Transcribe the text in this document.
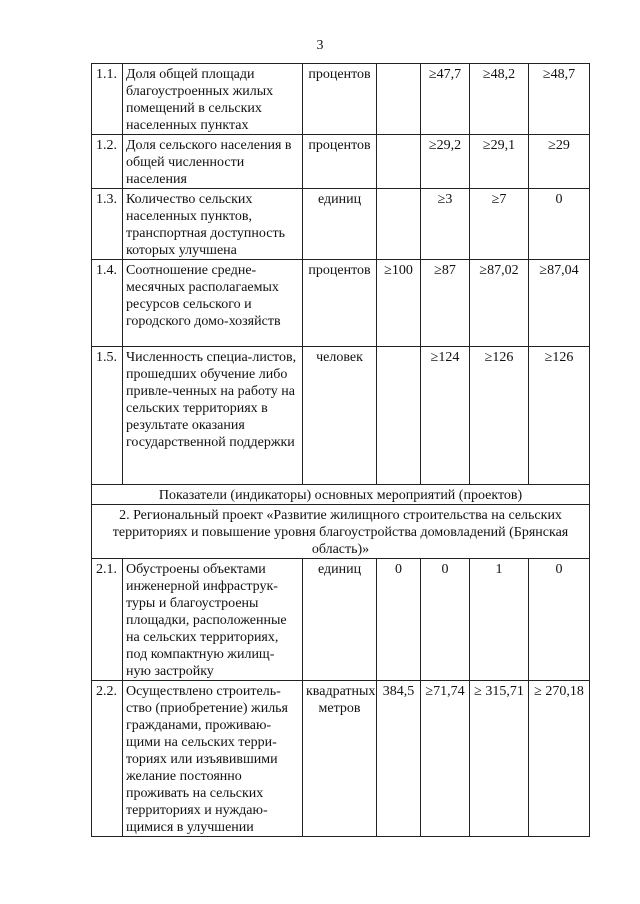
3
1.1.	Доля общей площади благоустроенных жилых помещений в сельских населенных пунктах	процентов		≥47,7	≥48,2	≥48,7
1.2.	Доля сельского населения в общей численности населения	процентов		≥29,2	≥29,1	≥29
1.3.	Количество сельских населенных пунктов, транспортная доступность которых улучшена	единиц		≥3	≥7	0
1.4.	Соотношение средне-месячных располагаемых ресурсов сельского и городского домо-хозяйств	процентов	≥100	≥87	≥87,02	≥87,04
1.5.	Численность специа-листов, прошедших обучение либо привле-ченных на работу на сельских территориях в результате оказания государственной поддержки	человек		≥124	≥126	≥126
Показатели (индикаторы) основных мероприятий (проектов)						
2. Региональный проект «Развитие жилищного строительства на сельских территориях и повышение уровня благоустройства домовладений (Брянская область)»						
2.1.	Обустроены объектами инженерной инфраструк-туры и благоустроены площадки, расположенные на сельских территориях, под компактную жилищ-ную застройку	единиц	0	0	1	0
2.2.	Осуществлено строитель-ство (приобретение) жилья гражданами, проживаю-щими на сельских терри-ториях или изъявившими желание постоянно проживать на сельских территориях и нуждаю-щимися в улучшении	квадратных метров	384,5	≥71,74	≥ 315,71	≥ 270,18
